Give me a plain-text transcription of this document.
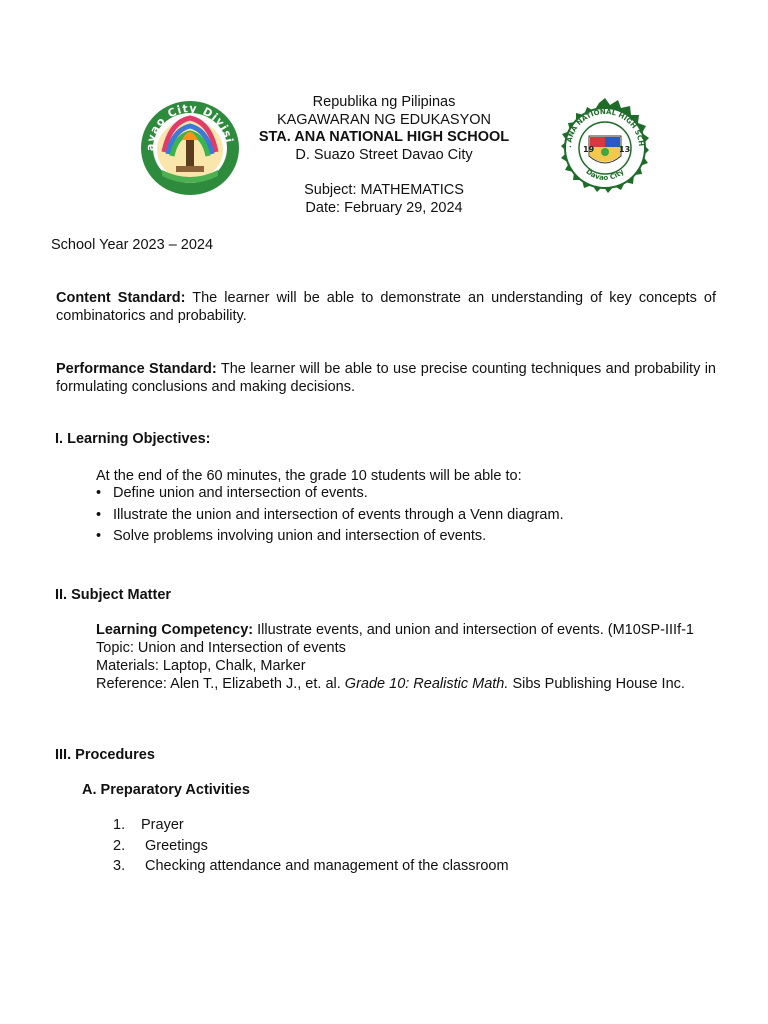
avao City Divisi
19	13
. ANA NATIONAL HIGH SCH
Davao City
Republika ng Pilipinas
KAGAWARAN NG EDUKASYON
STA. ANA NATIONAL HIGH SCHOOL
D. Suazo Street Davao City
Subject: MATHEMATICS
Date: February 29, 2024
School Year 2023 – 2024
Content Standard: The learner will be able to demonstrate an understanding of key concepts of combinatorics and probability.
Performance Standard: The learner will be able to use precise counting techniques and probability in formulating conclusions and making decisions.
I. Learning Objectives:
At the end of the 60 minutes, the grade 10 students will be able to:
• Define union and intersection of events.
• Illustrate the union and intersection of events through a Venn diagram.
• Solve problems involving union and intersection of events.
II. Subject Matter
Learning Competency: Illustrate events, and union and intersection of events. (M10SP-IIIf-1
Topic: Union and Intersection of events
Materials: Laptop, Chalk, Marker
Reference: Alen T., Elizabeth J., et. al. Grade 10: Realistic Math. Sibs Publishing House Inc.
III. Procedures
A. Preparatory Activities
1. Prayer
2. Greetings
3. Checking attendance and management of the classroom
